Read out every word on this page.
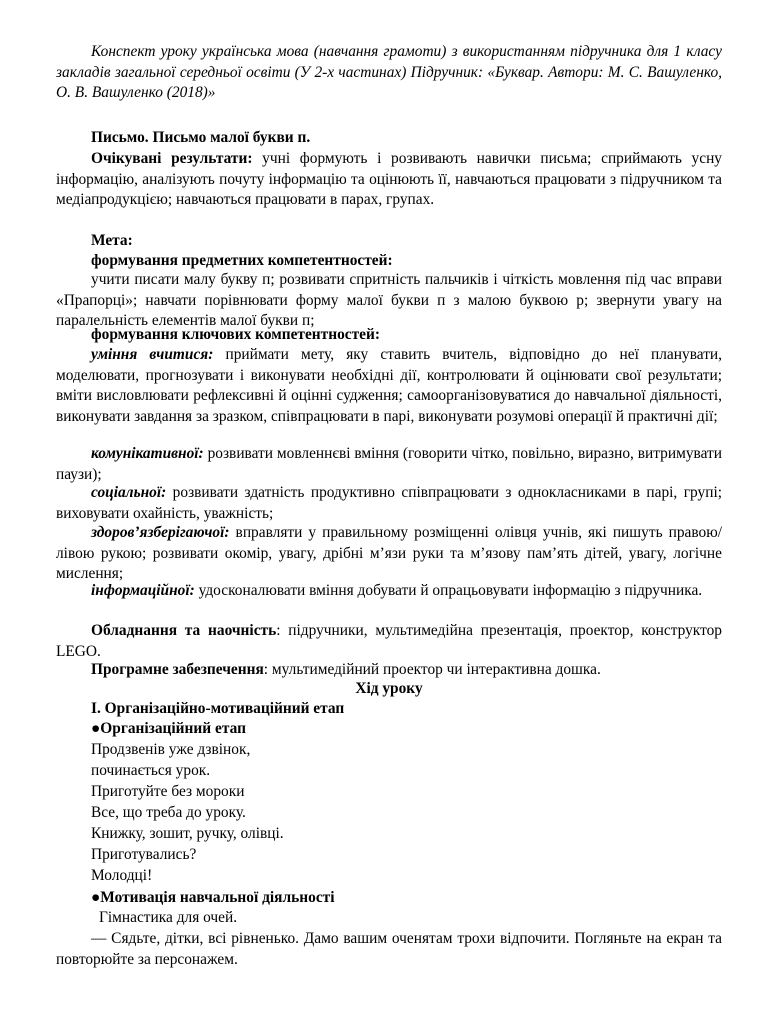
Конспект уроку українська мова (навчання грамоти) з використанням підручника для 1 класу закладів загальної середньої освіти (У 2-х частинах) Підручник: «Буквар. Автори: М. С. Вашуленко, О. В. Вашуленко (2018)»

Письмо. Письмо малої букви п.

Очікувані результати: учні формують і розвивають навички письма; сприймають усну інформацію, аналізують почуту інформацію та оцінюють її, навчаються працювати з підручником та медіапродукцією; навчаються працювати в парах, групах.

Мета:

формування предметних компетентностей:

учити писати малу букву п; розвивати спритність пальчиків і чіткість мовлення під час вправи «Прапорці»; навчати порівнювати форму малої букви п з малою буквою р; звернути увагу на паралельність елементів малої букви п;

формування ключових компетентностей:

уміння вчитися: приймати мету, яку ставить вчитель, відповідно до неї планувати, моделювати, прогнозувати і виконувати необхідні дії, контролювати й оцінювати свої результати; вміти висловлювати рефлексивні й оцінні судження; самоорганізовуватися до навчальної діяльності, виконувати завдання за зразком, співпрацювати в парі, виконувати розумові операції й практичні дії;

комунікативної: розвивати мовленнєві вміння (говорити чітко, повільно, виразно, витримувати паузи);

соціальної: розвивати здатність продуктивно співпрацювати з однокласниками в парі, групі; виховувати охайність, уважність;

здоров’язберігаючої: вправляти у правильному розміщенні олівця учнів, які пишуть правою/лівою рукою; розвивати окомір, увагу, дрібні м’язи руки та м’язову пам’ять дітей, увагу, логічне мислення;

інформаційної: удосконалювати вміння добувати й опрацьовувати інформацію з підручника.

Обладнання та наочність: підручники, мультимедійна презентація, проектор, конструктор LEGO.

Програмне забезпечення: мультимедійний проектор чи інтерактивна дошка.

Хід уроку

І. Організаційно-мотиваційний етап

●Організаційний етап

Продзвенів уже дзвінок,

починається урок.

Приготуйте без мороки

Все, що треба до уроку.

Книжку, зошит, ручку, олівці.

Приготувались?

Молодці!

●Мотивація навчальної діяльності

Гімнастика для очей.

— Сядьте, дітки, всі рівненько. Дамо вашим оченятам трохи відпочити. Погляньте на екран та повторюйте за персонажем.
